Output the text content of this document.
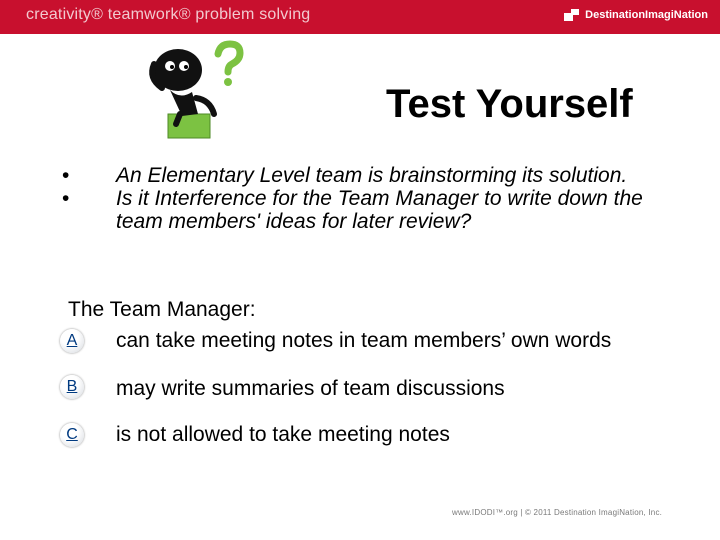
creativity® teamwork® problem solving	DestinationImagiNation
Test Yourself
• An Elementary Level team is brainstorming its solution.
• Is it Interference for the Team Manager to write down the team members' ideas for later review?
The Team Manager:
A	can take meeting notes in team members’ own words
B	may write summaries of team discussions
C is not allowed to take meeting notes
www.IDODI™.org | © 2011 Destination ImagiNation, Inc.
